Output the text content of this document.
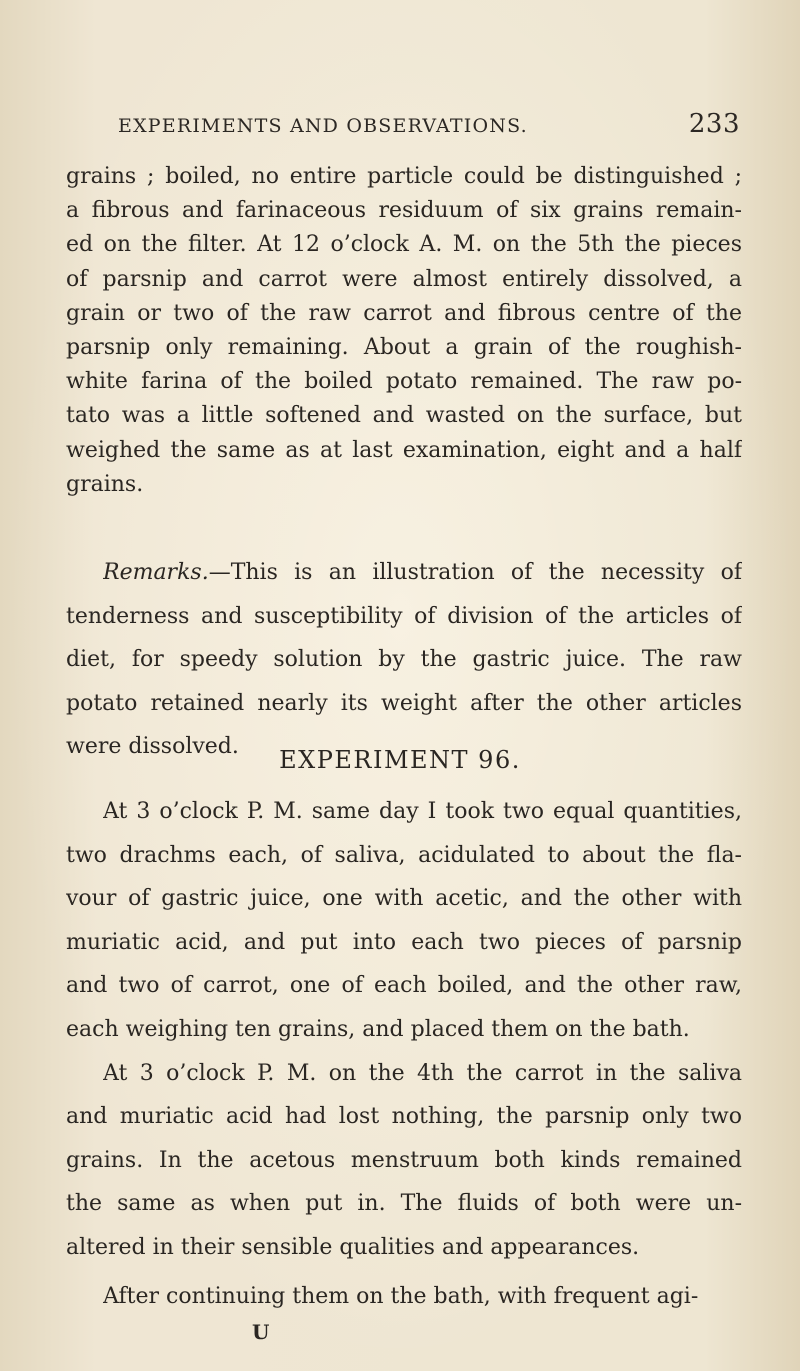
EXPERIMENTS AND OBSERVATIONS.	233
grains ; boiled, no entire particle could be distinguished ;
a fibrous and farinaceous residuum of six grains remain-
ed on the filter. At 12 o’clock A. M. on the 5th the pieces
of parsnip and carrot were almost entirely dissolved, a
grain or two of the raw carrot and fibrous centre of the
parsnip only remaining. About a grain of the roughish-
white farina of the boiled potato remained. The raw po-
tato was a little softened and wasted on the surface, but
weighed the same as at last examination, eight and a half
grains.
Remarks.—This is an illustration of the necessity of
tenderness and susceptibility of division of the articles of
diet, for speedy solution by the gastric juice. The raw
potato retained nearly its weight after the other articles
were dissolved.	EXPERIMENT 96.
At 3 o’clock P. M. same day I took two equal quantities,
two drachms each, of saliva, acidulated to about the fla-
vour of gastric juice, one with acetic, and the other with
muriatic acid, and put into each two pieces of parsnip
and two of carrot, one of each boiled, and the other raw,
each weighing ten grains, and placed them on the bath.
At 3 o’clock P. M. on the 4th the carrot in the saliva
and muriatic acid had lost nothing, the parsnip only two
grains. In the acetous menstruum both kinds remained
the same as when put in. The fluids of both were un-
altered in their sensible qualities and appearances.
After continuing them on the bath, with frequent agi-
U
